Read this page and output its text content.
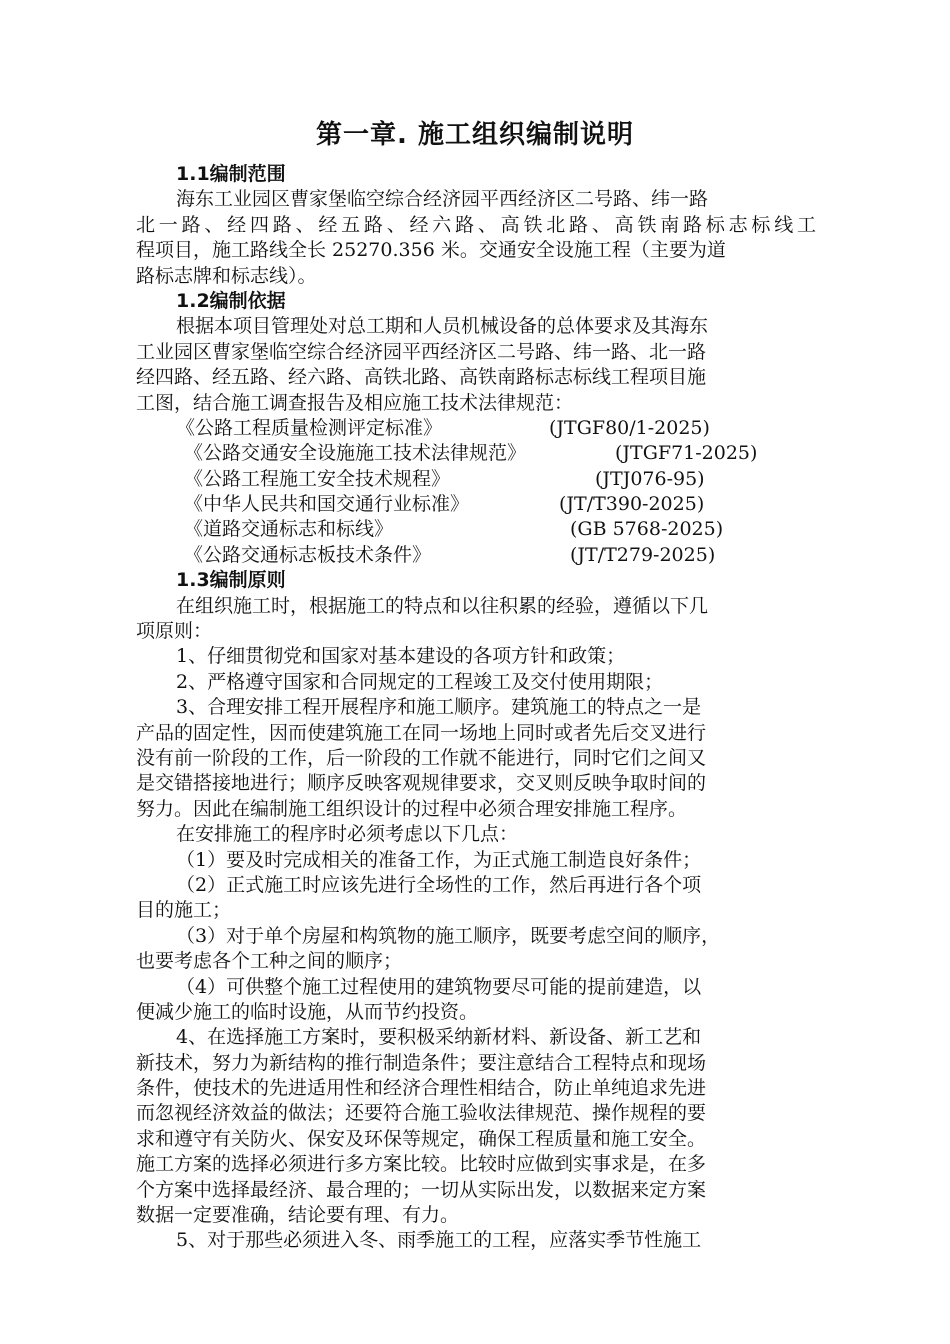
第一章. 施工组织编制说明
1.1编制范围
海东工业园区曹家堡临空综合经济园平西经济区二号路、纬一路
北一路、经四路、经五路、经六路、高铁北路、高铁南路标志标线工
程项目，施工路线全长 25270.356 米。交通安全设施工程（主要为道
路标志牌和标志线）。
1.2编制依据
根据本项目管理处对总工期和人员机械设备的总体要求及其海东
工业园区曹家堡临空综合经济园平西经济区二号路、纬一路、北一路
经四路、经五路、经六路、高铁北路、高铁南路标志标线工程项目施
工图，结合施工调查报告及相应施工技术法律规范：
《公路工程质量检测评定标准》	(JTGF80/1-2025)
《公路交通安全设施施工技术法律规范》	(JTGF71-2025)
《公路工程施工安全技术规程》	(JTJ076-95)
《中华人民共和国交通行业标准》	(JT/T390-2025)
《道路交通标志和标线》	(GB 5768-2025)
《公路交通标志板技术条件》	(JT/T279-2025)
1.3编制原则
在组织施工时，根据施工的特点和以往积累的经验，遵循以下几
项原则：
1、仔细贯彻党和国家对基本建设的各项方针和政策；
2、严格遵守国家和合同规定的工程竣工及交付使用期限；
3、合理安排工程开展程序和施工顺序。建筑施工的特点之一是
产品的固定性，因而使建筑施工在同一场地上同时或者先后交叉进行
没有前一阶段的工作，后一阶段的工作就不能进行，同时它们之间又
是交错搭接地进行；顺序反映客观规律要求，交叉则反映争取时间的
努力。因此在编制施工组织设计的过程中必须合理安排施工程序。
在安排施工的程序时必须考虑以下几点：
（1）要及时完成相关的准备工作，为正式施工制造良好条件；
（2）正式施工时应该先进行全场性的工作，然后再进行各个项
目的施工；
（3）对于单个房屋和构筑物的施工顺序，既要考虑空间的顺序，
也要考虑各个工种之间的顺序；
（4）可供整个施工过程使用的建筑物要尽可能的提前建造，以
便减少施工的临时设施，从而节约投资。
4、在选择施工方案时，要积极采纳新材料、新设备、新工艺和
新技术，努力为新结构的推行制造条件；要注意结合工程特点和现场
条件，使技术的先进适用性和经济合理性相结合，防止单纯追求先进
而忽视经济效益的做法；还要符合施工验收法律规范、操作规程的要
求和遵守有关防火、保安及环保等规定，确保工程质量和施工安全。
施工方案的选择必须进行多方案比较。比较时应做到实事求是，在多
个方案中选择最经济、最合理的；一切从实际出发，以数据来定方案
数据一定要准确，结论要有理、有力。
5、对于那些必须进入冬、雨季施工的工程，应落实季节性施工
